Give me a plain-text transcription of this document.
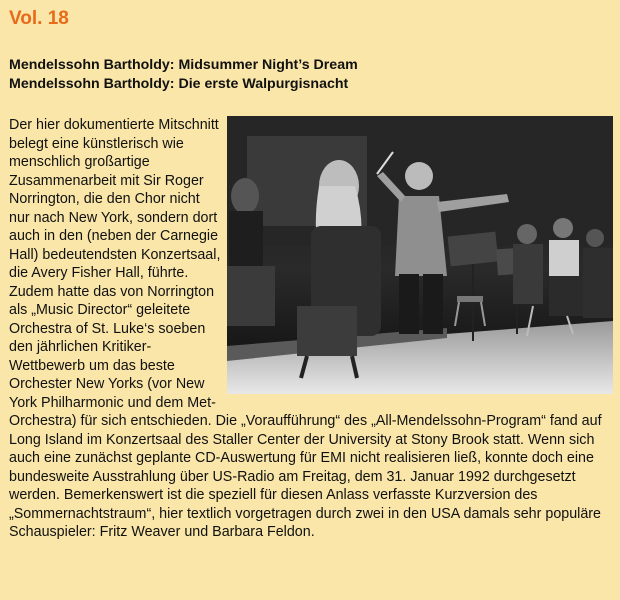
Vol. 18
Mendelssohn Bartholdy: Midsummer Night’s Dream
Mendelssohn Bartholdy: Die erste Walpurgisnacht
Der hier dokumentierte Mitschnitt belegt eine künstlerisch wie menschlich großartige Zusammenarbeit mit Sir Roger Norrington, die den Chor nicht nur nach New York, sondern dort auch in den (neben der Carnegie Hall) bedeutendsten Konzertsaal, die Avery Fisher Hall, führte. Zudem hatte das von Norrington als „Music Director“ geleitete Orchestra of St. Luke‘s soeben den jährlichen Kritiker-Wettbewerb um das beste Orchester New Yorks (vor New York Philharmonic und dem Met-Orchestra) für sich entschieden. Die „Voraufführung“ des „All-Mendelssohn-Program“ fand auf Long Island im Konzertsaal des Staller Center der University at Stony Brook statt. Wenn sich auch eine zunächst geplante CD-Auswertung für EMI nicht realisieren ließ, konnte doch eine bundesweite Ausstrahlung über US-Radio am Freitag, dem 31. Januar 1992 durchgesetzt werden. Bemerkenswert ist die speziell für diesen Anlass verfasste Kurzversion des „Sommernachtstraum“, hier textlich vorgetragen durch zwei in den USA damals sehr populäre Schauspieler: Fritz Weaver und Barbara Feldon.
